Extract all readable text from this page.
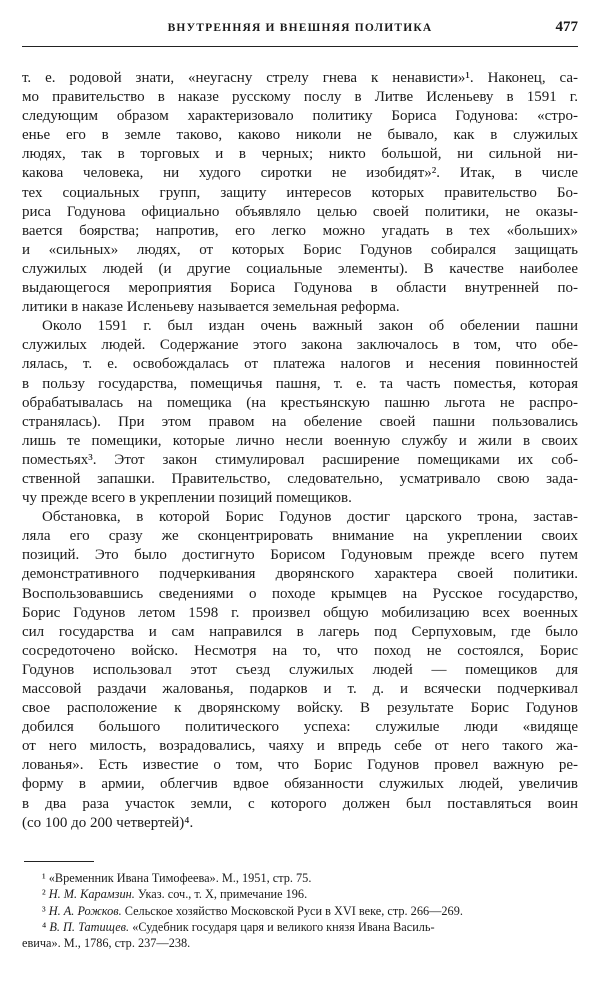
ВНУТРЕННЯЯ И ВНЕШНЯЯ ПОЛИТИКА	477
т. е. родовой знати, «неугасну стрелу гнева к ненависти»¹. Наконец, са-
мо правительство в наказе русскому послу в Литве Исленьеву в 1591 г.
следующим образом характеризовало политику Бориса Годунова: «стро-
енье его в земле таково, каково николи не бывало, как в служилых
людях, так в торговых и в черных; никто большой, ни сильной ни-
какова человека, ни худого сиротки не изобидят»². Итак, в числе
тех социальных групп, защиту интересов которых правительство Бо-
риса Годунова официально объявляло целью своей политики, не оказы-
вается боярства; напротив, его легко можно угадать в тех «больших»
и «сильных» людях, от которых Борис Годунов собирался защищать
служилых людей (и другие социальные элементы). В качестве наиболее
выдающегося мероприятия Бориса Годунова в области внутренней по-
литики в наказе Исленьеву называется земельная реформа.
Около 1591 г. был издан очень важный закон об обелении пашни
служилых людей. Содержание этого закона заключалось в том, что обе-
лялась, т. е. освобождалась от платежа налогов и несения повинностей
в пользу государства, помещичья пашня, т. е. та часть поместья, которая
обрабатывалась на помещика (на крестьянскую пашню льгота не распро-
странялась). При этом правом на обеление своей пашни пользовались
лишь те помещики, которые лично несли военную службу и жили в своих
поместьях³. Этот закон стимулировал расширение помещиками их соб-
ственной запашки. Правительство, следовательно, усматривало свою зада-
чу прежде всего в укреплении позиций помещиков.
Обстановка, в которой Борис Годунов достиг царского трона, застав-
ляла его сразу же сконцентрировать внимание на укреплении своих
позиций. Это было достигнуто Борисом Годуновым прежде всего путем
демонстративного подчеркивания дворянского характера своей политики.
Воспользовавшись сведениями о походе крымцев на Русское государство,
Борис Годунов летом 1598 г. произвел общую мобилизацию всех военных
сил государства и сам направился в лагерь под Серпуховым, где было
сосредоточено войско. Несмотря на то, что поход не состоялся, Борис
Годунов использовал этот съезд служилых людей — помещиков для
массовой раздачи жалованья, подарков и т. д. и всячески подчеркивал
свое расположение к дворянскому войску. В результате Борис Годунов
добился большого политического успеха: служилые люди «видяще
от него милость, возрадовались, чаяху и впредь себе от него такого жа-
лованья». Есть известие о том, что Борис Годунов провел важную ре-
форму в армии, облегчив вдвое обязанности служилых людей, увеличив
в два раза участок земли, с которого должен был поставляться воин
(со 100 до 200 четвертей)⁴.
¹ «Временник Ивана Тимофеева». М., 1951, стр. 75.
² Н. М. Карамзин. Указ. соч., т. X, примечание 196.
³ Н. А. Рожков. Сельское хозяйство Московской Руси в XVI веке, стр. 266—269.
⁴ В. П. Татищев. «Судебник государя царя и великого князя Ивана Василь-
евича». М., 1786, стр. 237—238.
